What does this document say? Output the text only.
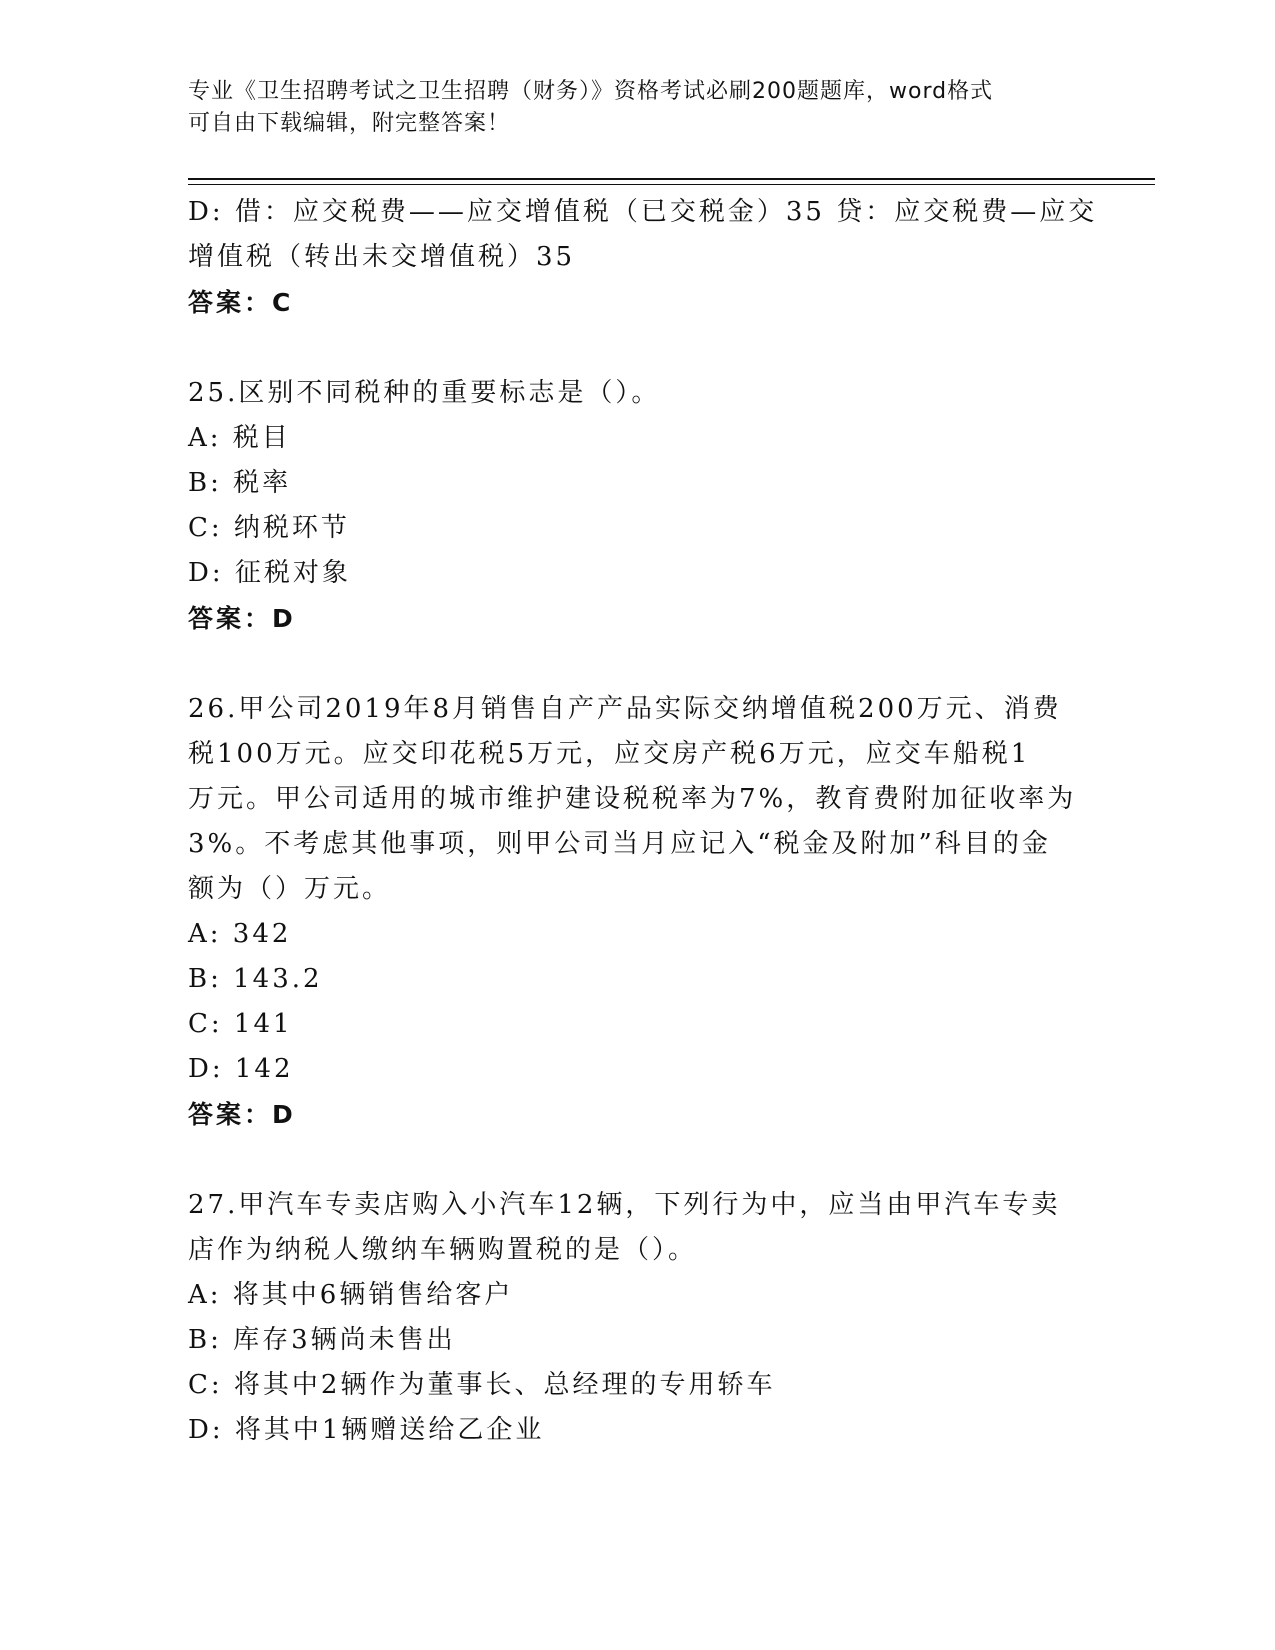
专业《卫生招聘考试之卫生招聘（财务）》资格考试必刷200题题库，word格式
可自由下载编辑，附完整答案！
D: 借：应交税费——应交增值税（已交税金）35 贷：应交税费—应交
增值税（转出未交增值税）35
答案：C
25.区别不同税种的重要标志是（）。
A: 税目
B: 税率
C: 纳税环节
D: 征税对象
答案：D
26.甲公司2019年8月销售自产产品实际交纳增值税200万元、消费
税100万元。应交印花税5万元，应交房产税6万元，应交车船税1
万元。甲公司适用的城市维护建设税税率为7%，教育费附加征收率为
3%。不考虑其他事项，则甲公司当月应记入“税金及附加”科目的金
额为（）万元。
A: 342
B: 143.2
C: 141
D: 142
答案：D
27.甲汽车专卖店购入小汽车12辆，下列行为中，应当由甲汽车专卖
店作为纳税人缴纳车辆购置税的是（）。
A: 将其中6辆销售给客户
B: 库存3辆尚未售出
C: 将其中2辆作为董事长、总经理的专用轿车
D: 将其中1辆赠送给乙企业
